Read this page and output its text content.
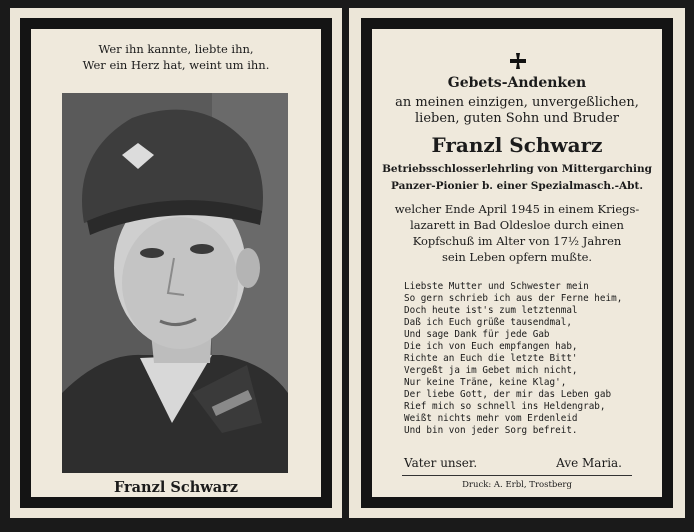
Wer ihn kannte, liebte ihn,
Wer ein Herz hat, weint um ihn.
Franzl Schwarz
Gebets-Andenken
an meinen einzigen, unvergeßlichen,
lieben, guten Sohn und Bruder
Franzl Schwarz
Betriebsschlosserlehrling von Mittergarching
Panzer-Pionier b. einer Spezialmasch.-Abt.
welcher Ende April 1945 in einem Kriegs-
lazarett in Bad Oldesloe durch einen
Kopfschuß im Alter von 17½ Jahren
sein Leben opfern mußte.
Liebste Mutter und Schwester mein
So gern schrieb ich aus der Ferne heim,
Doch heute ist's zum letztenmal
Daß ich Euch grüße tausendmal,
Und sage Dank für jede Gab
Die ich von Euch empfangen hab,
Richte an Euch die letzte Bitt'
Vergeßt ja im Gebet mich nicht,
Nur keine Träne, keine Klag',
Der liebe Gott, der mir das Leben gab
Rief mich so schnell ins Heldengrab,
Weißt nichts mehr vom Erdenleid
Und bin von jeder Sorg befreit.
Vater unser.	Ave Maria.
Druck: A. Erbl, Trostberg
